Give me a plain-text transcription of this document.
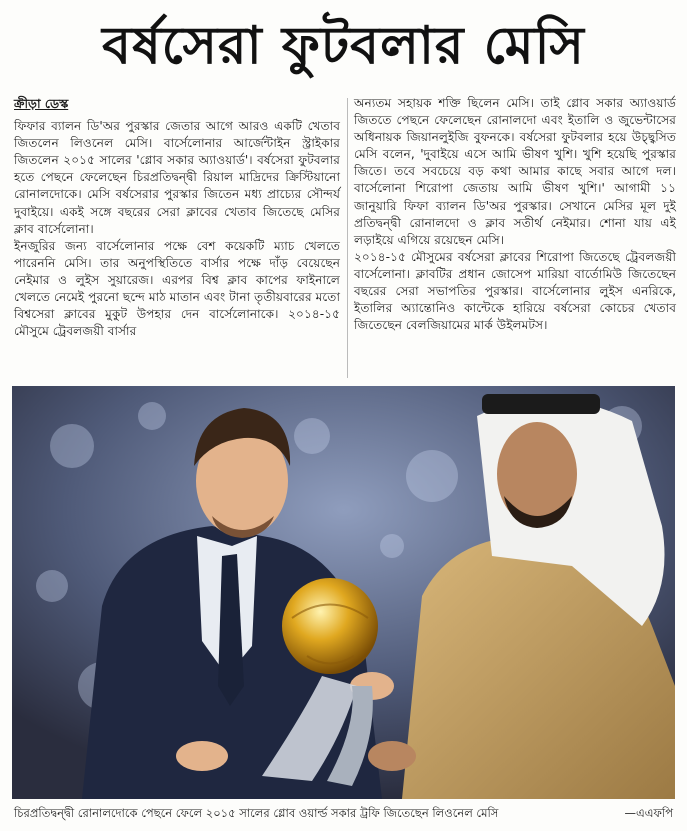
বর্ষসেরা ফুটবলার মেসি

ক্রীড়া ডেস্ক

ফিফার ব্যালন ডি'অর পুরস্কার জেতার আগে আরও একটি খেতাব জিতলেন লিওনেল মেসি। বার্সেলোনার আর্জেন্টাইন স্ট্রাইকার জিতলেন ২০১৫ সালের 'গ্লোব সকার অ্যাওয়ার্ড'। বর্ষসেরা ফুটবলার হতে পেছনে ফেলেছেন চিরপ্রতিদ্বন্দ্বী রিয়াল মাদ্রিদের ক্রিস্টিয়ানো রোনালদোকে। মেসি বর্ষসেরার পুরস্কার জিতেন মধ্য প্রাচ্যের সৌন্দর্য দুবাইয়ে। একই সঙ্গে বছরের সেরা ক্লাবের খেতাব জিতেছে মেসির ক্লাব বার্সেলোনা।

ইনজুরির জন্য বার্সেলোনার পক্ষে বেশ কয়েকটি ম্যাচ খেলতে পারেননি মেসি। তার অনুপস্থিতিতে বার্সার পক্ষে দাঁড় বেয়েছেন নেইমার ও লুইস সুয়ারেজ। এরপর বিশ্ব ক্লাব কাপের ফাইনালে খেলতে নেমেই পুরনো ছন্দে মাঠ মাতান এবং টানা তৃতীয়বারের মতো বিশ্বসেরা ক্লাবের মুকুট উপহার দেন বার্সেলোনাকে। ২০১৪-১৫ মৌসুমে ট্রেবলজয়ী বার্সার

অন্যতম সহায়ক শক্তি ছিলেন মেসি। তাই গ্লোব সকার অ্যাওয়ার্ড জিততে পেছনে ফেলেছেন রোনালদো এবং ইতালি ও জুভেন্টাসের অধিনায়ক জিয়ানলুইজি বুফনকে। বর্ষসেরা ফুটবলার হয়ে উচ্ছ্বসিত মেসি বলেন, 'দুবাইয়ে এসে আমি ভীষণ খুশি। খুশি হয়েছি পুরস্কার জিতে। তবে সবচেয়ে বড় কথা আমার কাছে সবার আগে দল। বার্সেলোনা শিরোপা জেতায় আমি ভীষণ খুশি।' আগামী ১১ জানুয়ারি ফিফা ব্যালন ডি'অর পুরস্কার। সেখানে মেসির মূল দুই প্রতিদ্বন্দ্বী রোনালদো ও ক্লাব সতীর্থ নেইমার। শোনা যায় এই লড়াইয়ে এগিয়ে রয়েছেন মেসি।

২০১৪-১৫ মৌসুমের বর্ষসেরা ক্লাবের শিরোপা জিতেছে ট্রেবলজয়ী বার্সেলোনা। ক্লাবটির প্রধান জোসেপ মারিয়া বার্তোমিউ জিতেছেন বছরের সেরা সভাপতির পুরস্কার। বার্সেলোনার লুইস এনরিকে, ইতালির অ্যান্তোনিও কান্টেকে হারিয়ে বর্ষসেরা কোচের খেতাব জিতেছেন বেলজিয়ামের মার্ক উইলমটস।

চিরপ্রতিদ্বন্দ্বী রোনালদোকে পেছনে ফেলে ২০১৫ সালের গ্লোব ওয়ার্ল্ড সকার ট্রফি জিতেছেন লিওনেল মেসি	—এএফপি
